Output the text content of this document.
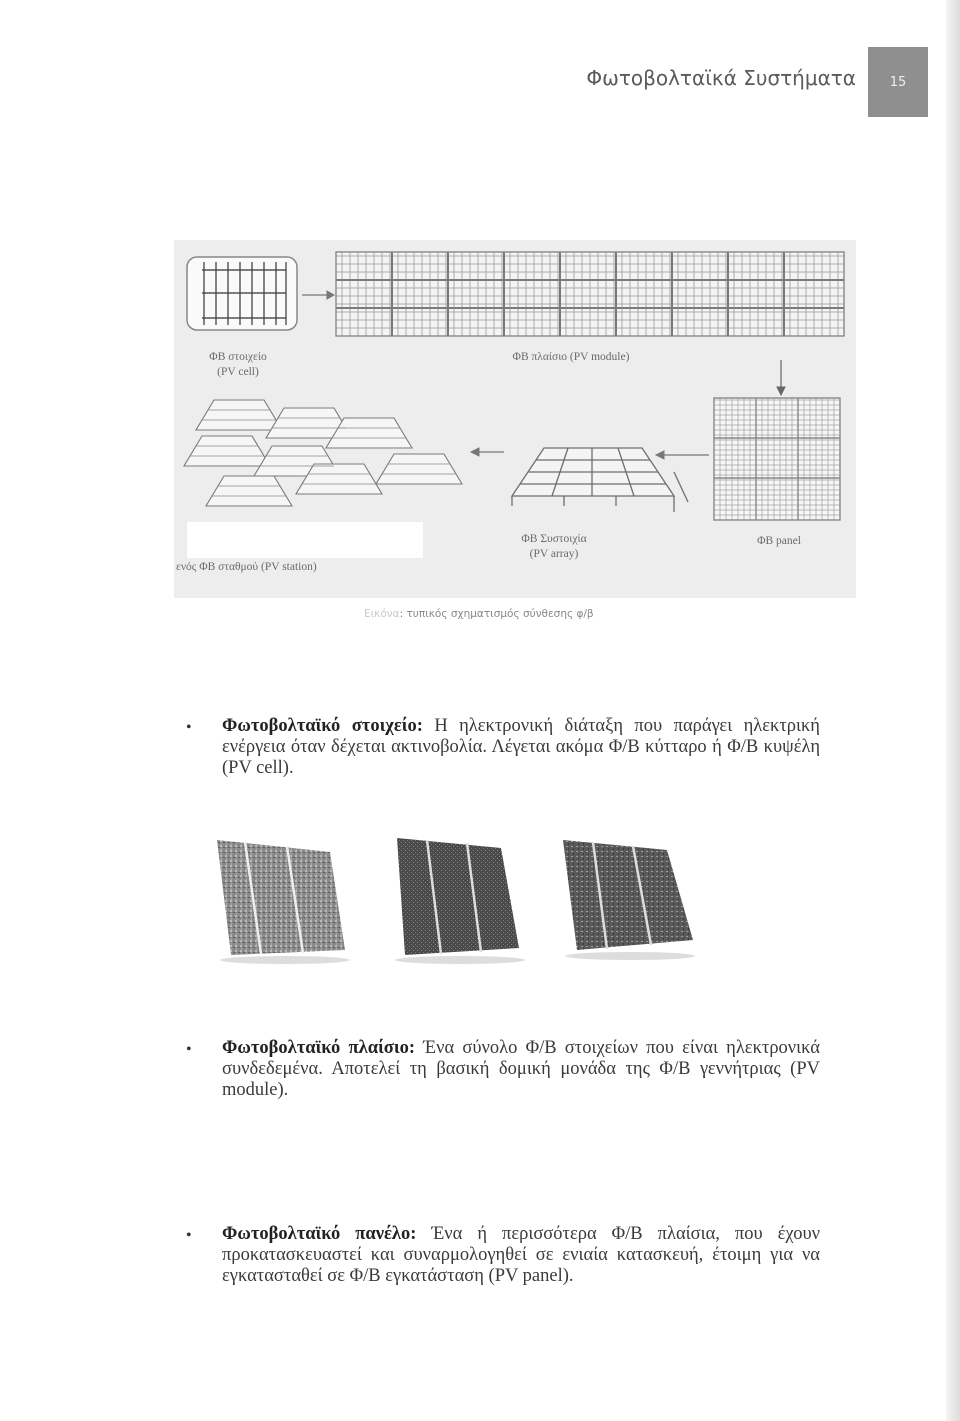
Φωτοβολταϊκά Συστήματα	15
ΦΒ στοιχείο
(PV cell)
ΦΒ πλαίσιο (PV module)
ενός ΦΒ σταθμού (PV station)
ΦΒ Συστοιχία
(PV array)
ΦΒ panel
Εικόνα: τυπικός σχηματισμός σύνθεσης φ/β
• Φωτοβολταϊκό στοιχείο: Η ηλεκτρονική διάταξη που παράγει ηλεκτρική ενέργεια όταν δέχεται ακτινοβολία. Λέγεται ακόμα Φ/Β κύτταρο ή Φ/Β κυψέλη (PV cell).
• Φωτοβολταϊκό πλαίσιο: Ένα σύνολο Φ/Β στοιχείων που είναι ηλεκτρονικά συνδεδεμένα. Αποτελεί τη βασική δομική μονάδα της Φ/Β γεννήτριας (PV module).
• Φωτοβολταϊκό πανέλο: Ένα ή περισσότερα Φ/Β πλαίσια, που έχουν προκατασκευαστεί και συναρμολογηθεί σε ενιαία κατασκευή, έτοιμη για να εγκατασταθεί σε Φ/Β εγκατάσταση (PV panel).
